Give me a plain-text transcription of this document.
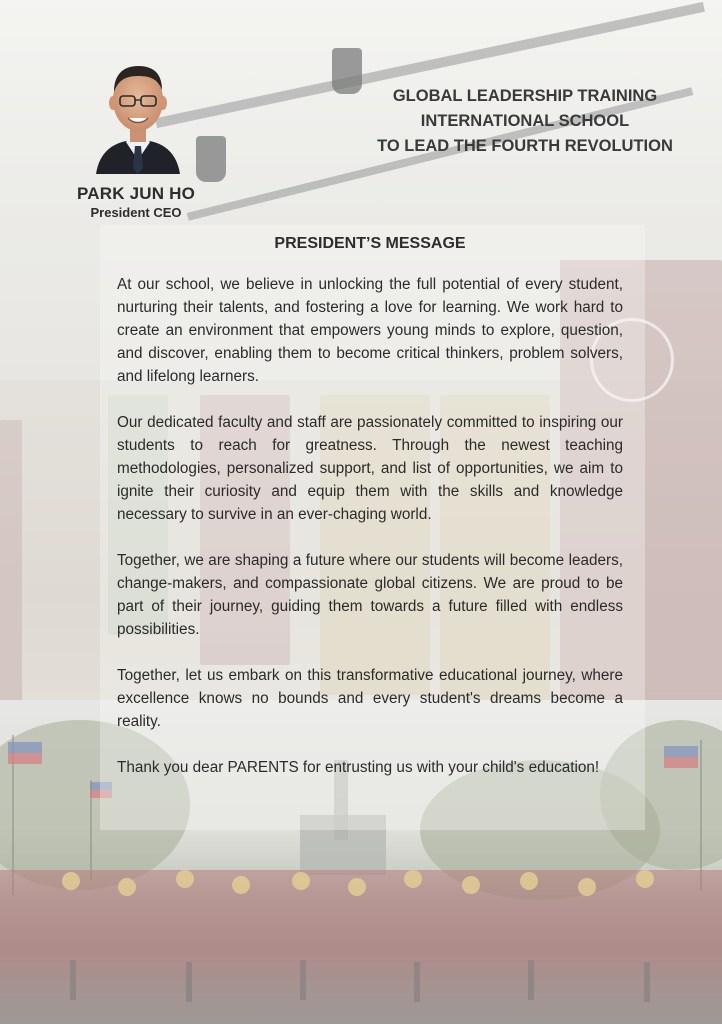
PARK JUN HO
President CEO
GLOBAL LEADERSHIP TRAINING
INTERNATIONAL SCHOOL
TO LEAD THE FOURTH REVOLUTION
PRESIDENT’S MESSAGE

At our school, we believe in unlocking the full potential of every student, nurturing their talents, and fostering a love for learning. We work hard to create an environment that empowers young minds to explore, question, and discover, enabling them to become critical thinkers, problem solvers, and lifelong learners.

Our dedicated faculty and staff are passionately committed to inspiring our students to reach for greatness. Through the newest teaching methodologies, personalized support, and list of opportunities, we aim to ignite their curiosity and equip them with the skills and knowledge necessary to survive in an ever-chaging world.

Together, we are shaping a future where our students will become leaders, change-makers, and compassionate global citizens. We are proud to be part of their journey, guiding them towards a future filled with endless possibilities.

Together, let us embark on this transformative educational journey, where excellence knows no bounds and every student's dreams become a reality.

Thank you dear PARENTS for entrusting us with your child's education!
